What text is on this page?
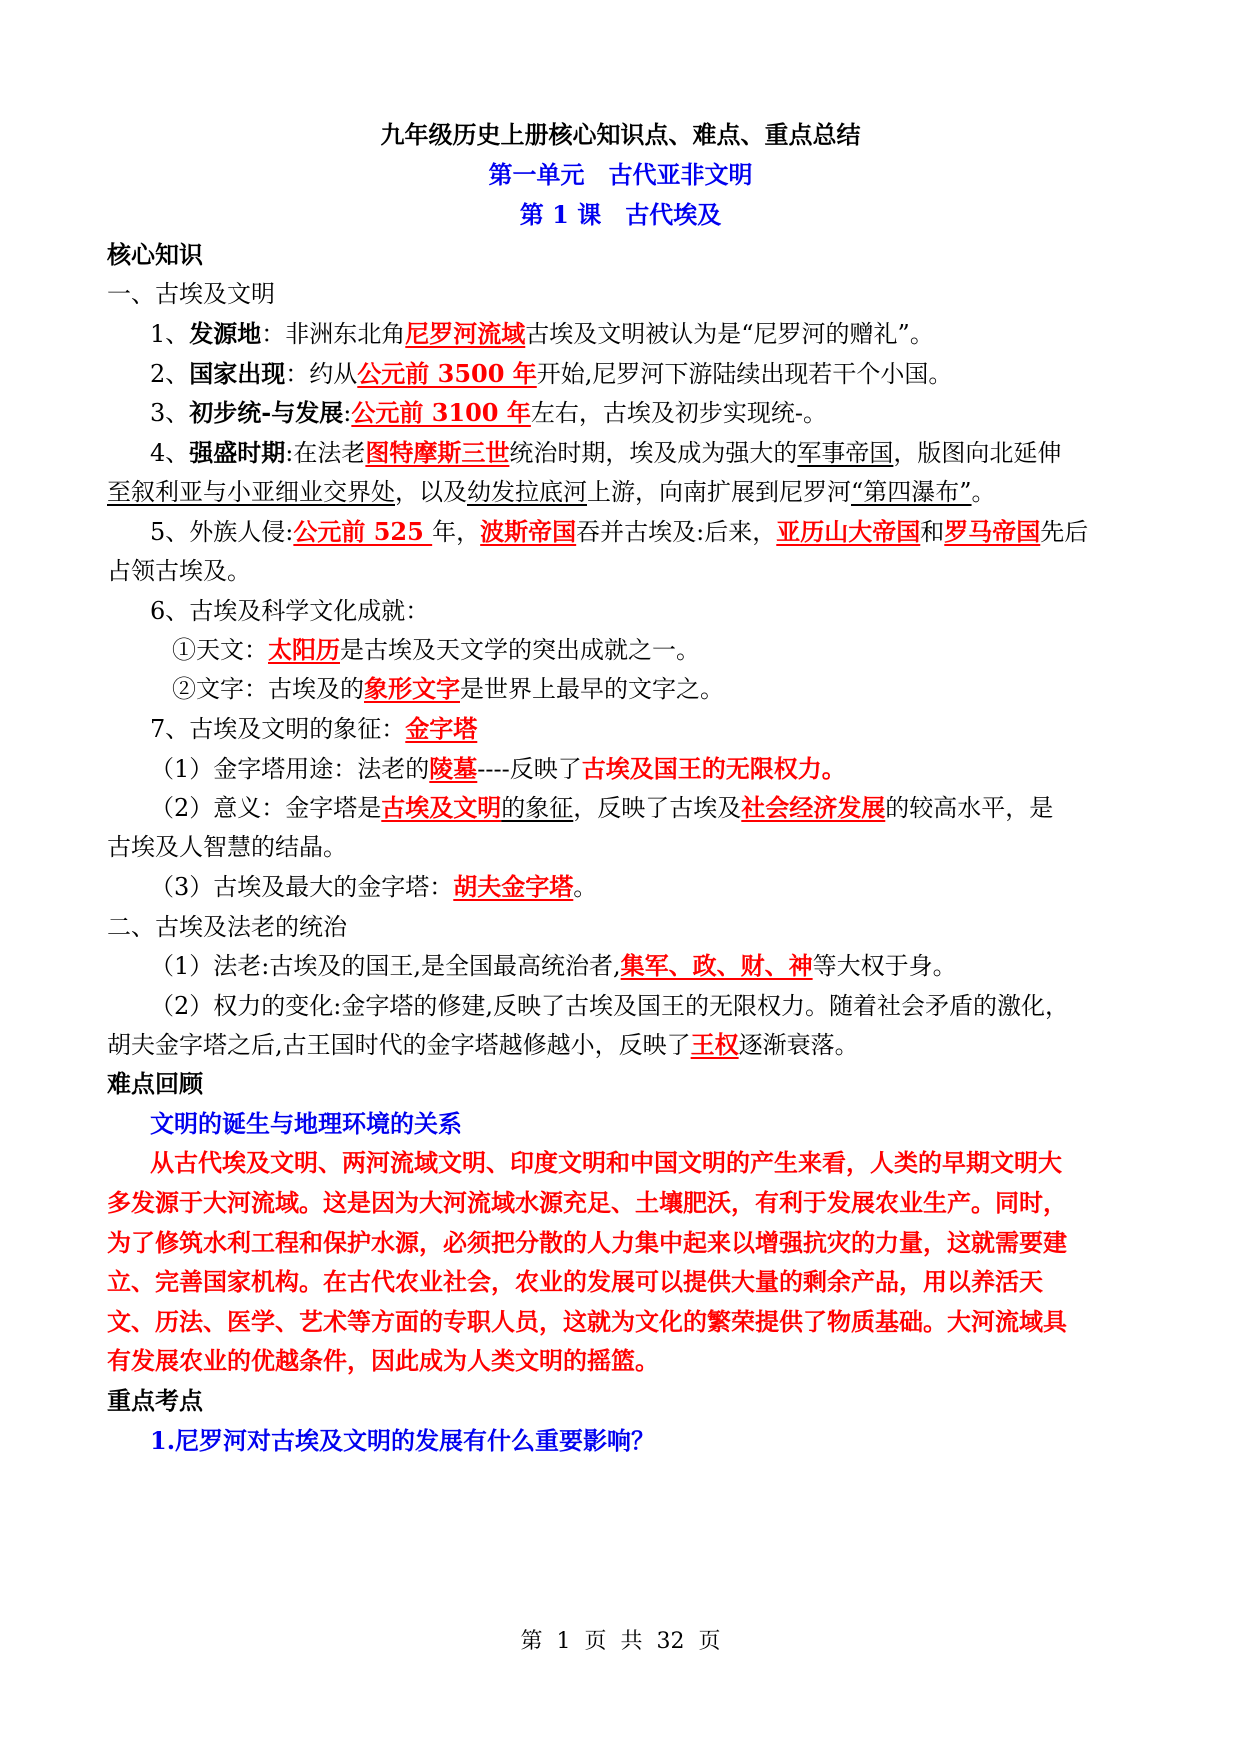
九年级历史上册核心知识点、难点、重点总结
第一单元　古代亚非文明
第 1 课　古代埃及
核心知识
一、古埃及文明
1、发源地：非洲东北角尼罗河流域古埃及文明被认为是“尼罗河的赠礼”。
2、国家出现：约从公元前 3500 年开始,尼罗河下游陆续出现若干个小国。
3、初步统-与发展:公元前 3100 年左右，古埃及初步实现统-。
4、强盛时期:在法老图特摩斯三世统治时期，埃及成为强大的军事帝国，版图向北延伸
至叙利亚与小亚细业交界处，以及幼发拉底河上游，向南扩展到尼罗河“第四瀑布”。
5、外族人侵:公元前 525 年，波斯帝国吞并古埃及:后来，亚历山大帝国和罗马帝国先后
占领古埃及。
6、古埃及科学文化成就：
①天文：太阳历是古埃及天文学的突出成就之一。
②文字：古埃及的象形文字是世界上最早的文字之。
7、古埃及文明的象征：金字塔
（1）金字塔用途：法老的陵墓----反映了古埃及国王的无限权力。
（2）意义：金字塔是古埃及文明的象征，反映了古埃及社会经济发展的较高水平，是
古埃及人智慧的结晶。
（3）古埃及最大的金字塔：胡夫金字塔。
二、古埃及法老的统治
（1）法老:古埃及的国王,是全国最高统治者,集军、政、财、神等大权于身。
（2）权力的变化:金字塔的修建,反映了古埃及国王的无限权力。随着社会矛盾的激化，
胡夫金字塔之后,古王国时代的金字塔越修越小，反映了王权逐渐衰落。
难点回顾
文明的诞生与地理环境的关系
从古代埃及文明、两河流域文明、印度文明和中国文明的产生来看，人类的早期文明大
多发源于大河流域。这是因为大河流域水源充足、土壤肥沃，有利于发展农业生产。同时，
为了修筑水利工程和保护水源，必须把分散的人力集中起来以增强抗灾的力量，这就需要建
立、完善国家机构。在古代农业社会，农业的发展可以提供大量的剩余产品，用以养活天
文、历法、医学、艺术等方面的专职人员，这就为文化的繁荣提供了物质基础。大河流域具
有发展农业的优越条件，因此成为人类文明的摇篮。
重点考点
1.尼罗河对古埃及文明的发展有什么重要影响？
第  1  页  共  32  页
